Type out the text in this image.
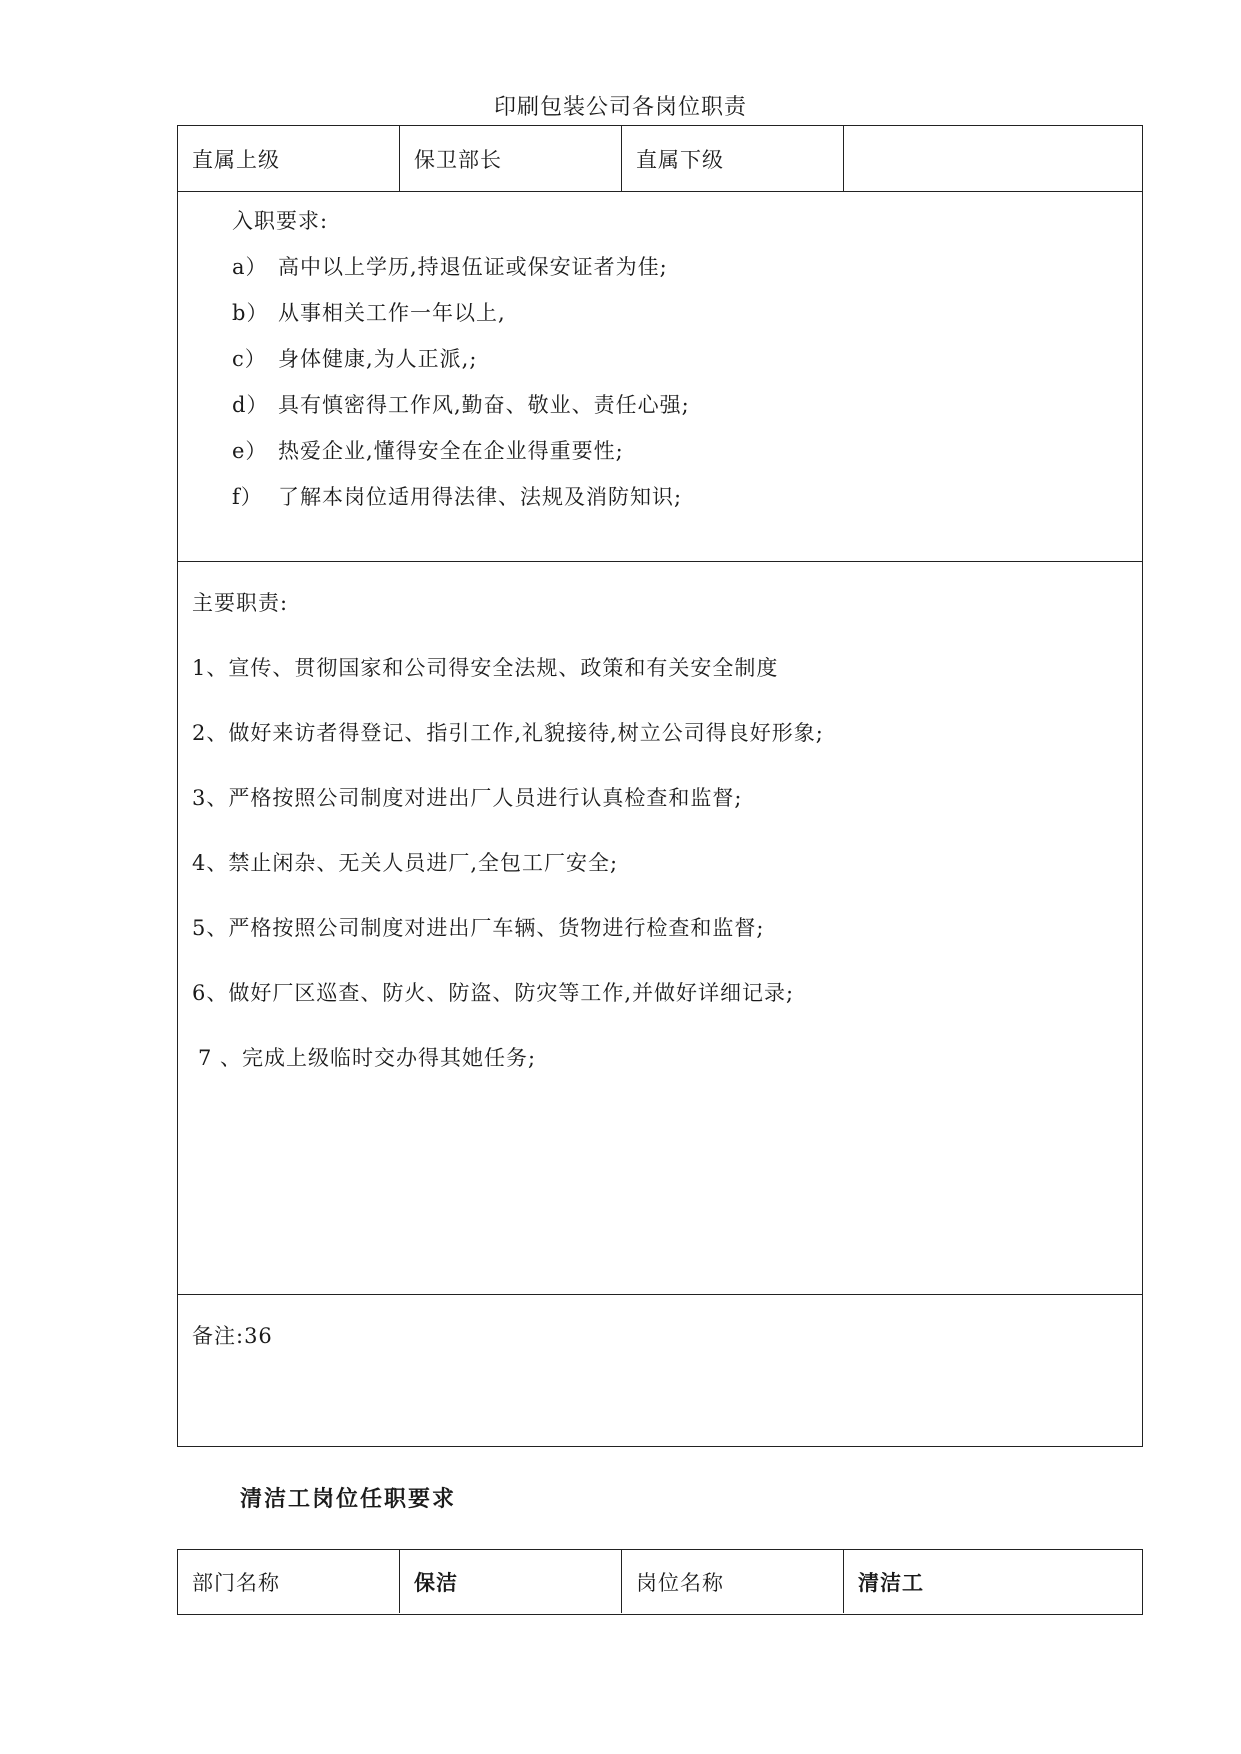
印刷包装公司各岗位职责
直属上级	保卫部长	直属下级
入职要求:
a） 高中以上学历,持退伍证或保安证者为佳;
b） 从事相关工作一年以上,
c） 身体健康,为人正派,;
d） 具有慎密得工作风,勤奋、敬业、责任心强;
e） 热爱企业,懂得安全在企业得重要性;
f） 了解本岗位适用得法律、法规及消防知识;
主要职责:
1、宣传、贯彻国家和公司得安全法规、政策和有关安全制度
2、做好来访者得登记、指引工作,礼貌接待,树立公司得良好形象;
3、严格按照公司制度对进出厂人员进行认真检查和监督;
4、禁止闲杂、无关人员进厂,全包工厂安全;
5、严格按照公司制度对进出厂车辆、货物进行检查和监督;
6、做好厂区巡查、防火、防盗、防灾等工作,并做好详细记录;
7 、完成上级临时交办得其她任务;
备注:36
清洁工岗位任职要求
部门名称	保洁	岗位名称	清洁工
